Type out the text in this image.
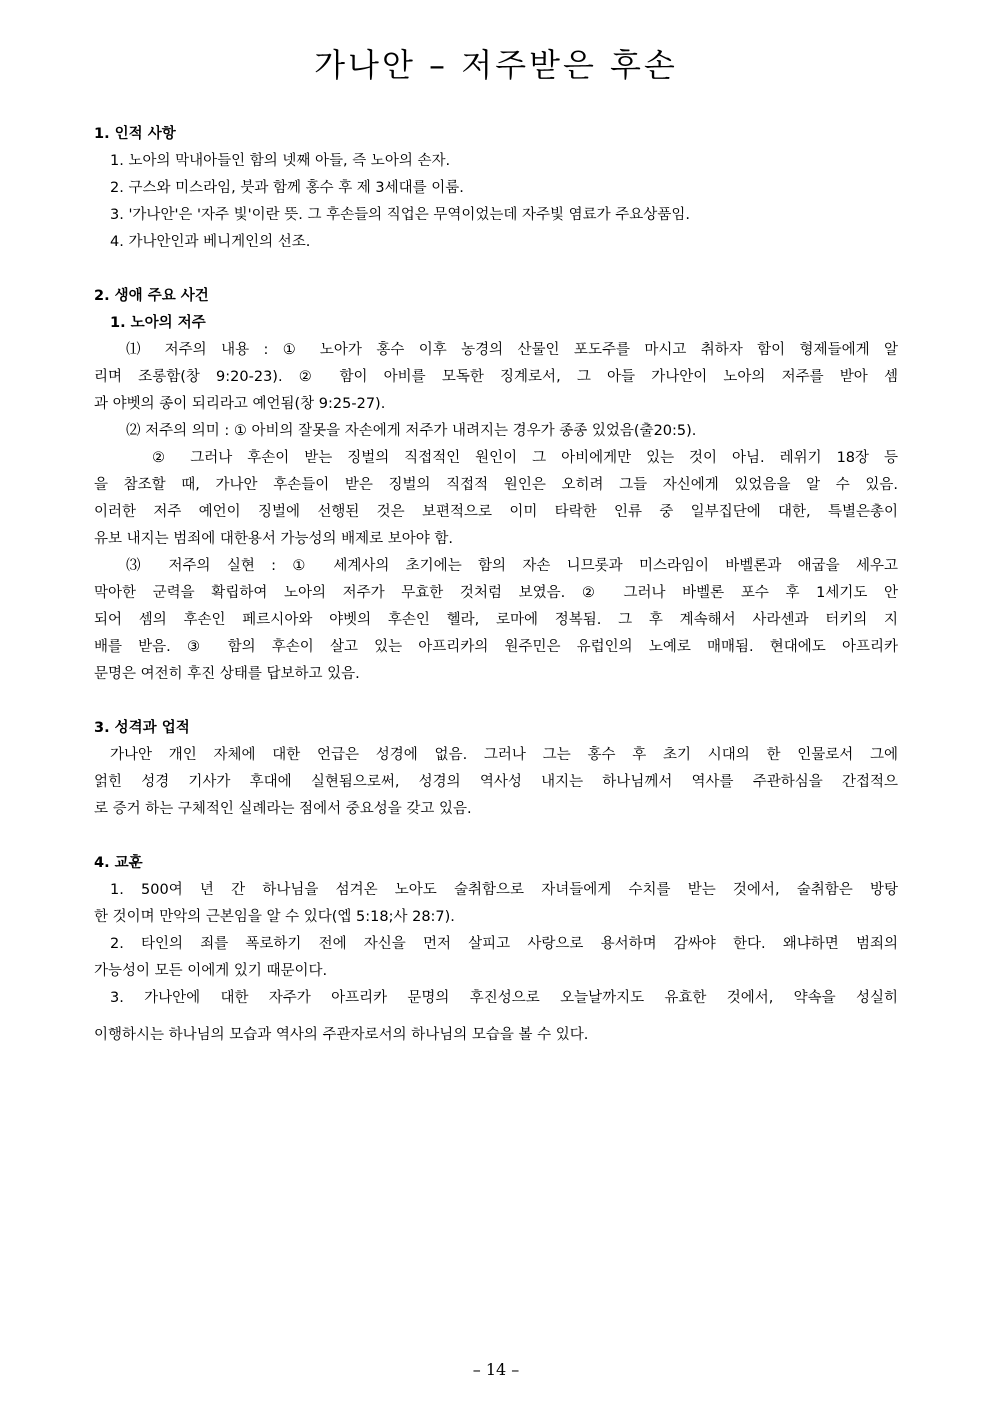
가나안 – 저주받은 후손
1. 인적 사항
1. 노아의 막내아들인 함의 넷째 아들, 즉 노아의 손자.
2. 구스와 미스라임, 붓과 함께 홍수 후 제 3세대를 이룸.
3. '가나안'은 '자주 빛'이란 뜻. 그 후손들의 직업은 무역이었는데 자주빛 염료가 주요상품임.
4. 가나안인과 베니게인의 선조.
2. 생애 주요 사건
1. 노아의 저주
⑴ 저주의 내용 : ① 노아가 홍수 이후 농경의 산물인 포도주를 마시고 취하자 함이 형제들에게 알
리며 조롱함(창 9:20-23). ② 함이 아비를 모독한 징계로서, 그 아들 가나안이 노아의 저주를 받아 셈
과 야벳의 종이 되리라고 예언됨(창 9:25-27).
⑵ 저주의 의미 : ① 아비의 잘못을 자손에게 저주가 내려지는 경우가 종종 있었음(출20:5).
② 그러나 후손이 받는 징벌의 직접적인 원인이 그 아비에게만 있는 것이 아님. 레위기 18장 등
을 참조할 때, 가나안 후손들이 받은 징벌의 직접적 원인은 오히려 그들 자신에게 있었음을 알 수 있음.
이러한 저주 예언이 징벌에 선행된 것은 보편적으로 이미 타락한 인류 중 일부집단에 대한, 특별은총이
유보 내지는 범죄에 대한용서 가능성의 배제로 보아야 함.
⑶ 저주의 실현 : ① 세계사의 초기에는 함의 자손 니므롯과 미스라임이 바벨론과 애굽을 세우고
막아한 군력을 확립하여 노아의 저주가 무효한 것처럼 보였음. ② 그러나 바벨론 포수 후 1세기도 안
되어 셈의 후손인 페르시아와 야벳의 후손인 헬라, 로마에 정복됨. 그 후 계속해서 사라센과 터키의 지
배를 받음. ③ 함의 후손이 살고 있는 아프리카의 원주민은 유럽인의 노예로 매매됨. 현대에도 아프리카
문명은 여전히 후진 상태를 답보하고 있음.
3. 성격과 업적
가나안 개인 자체에 대한 언급은 성경에 없음. 그러나 그는 홍수 후 초기 시대의 한 인물로서 그에
얽힌 성경 기사가 후대에 실현됨으로써, 성경의 역사성 내지는 하나님께서 역사를 주관하심을 간접적으
로 증거 하는 구체적인 실례라는 점에서 중요성을 갖고 있음.
4. 교훈
1. 500여 년 간 하나님을 섬겨온 노아도 술취함으로 자녀들에게 수치를 받는 것에서, 술취함은 방탕
한 것이며 만악의 근본임을 알 수 있다(엡 5:18;사 28:7).
2. 타인의 죄를 폭로하기 전에 자신을 먼저 살피고 사랑으로 용서하며 감싸야 한다. 왜냐하면 범죄의
가능성이 모든 이에게 있기 때문이다.
3. 가나안에 대한 자주가 아프리카 문명의 후진성으로 오늘날까지도 유효한 것에서, 약속을 성실히
이행하시는 하나님의 모습과 역사의 주관자로서의 하나님의 모습을 볼 수 있다.
– 14 –
